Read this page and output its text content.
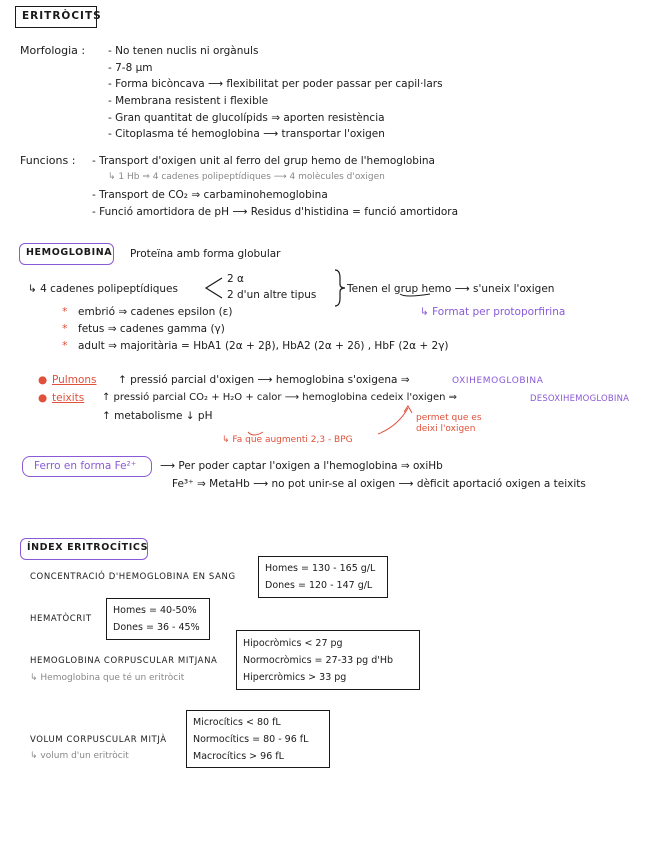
ERITRÒCITS
Morfologia : - No tenen nuclis ni orgànuls
- 7-8 μm
- Forma bicòncava ⟶ flexibilitat per poder passar per capil·lars
- Membrana resistent i flexible
- Gran quantitat de glucolípids ⇒ aporten resistència
- Citoplasma té hemoglobina ⟶ transportar l'oxigen
Funcions : - Transport d'oxigen unit al ferro del grup hemo de l'hemoglobina
↳ 1 Hb ⇒ 4 cadenes polipeptídiques ⟶ 4 molècules d'oxigen
- Transport de CO₂ ⇒ carbaminohemoglobina
- Funció amortidora de pH ⟶ Residus d'histidina = funció amortidora
HEMOGLOBINA Proteïna amb forma globular
↳ 4 cadenes polipeptídiques
2 α
2 d'un altre tipus	Tenen el grup hemo ⟶ s'uneix l'oxigen
↳ Format per protoporfirina
* embrió ⇒ cadenes epsilon (ε)
* fetus ⇒ cadenes gamma (γ)
* adult ⇒ majoritària = HbA1 (2α + 2β), HbA2 (2α + 2δ) , HbF (2α + 2γ)
● Pulmons ↑ pressió parcial d'oxigen ⟶ hemoglobina s'oxigena ⇒	OXIHEMOGLOBINA
● teixits ↑ pressió parcial CO₂ + H₂O + calor ⟶ hemoglobina cedeix l'oxigen ⇒	DESOXIHEMOGLOBINA
↑ metabolisme ↓ pH
↳ Fa que augmenti 2,3 - BPG
permet que es
deixi l'oxigen
Ferro en forma Fe²⁺ ⟶ Per poder captar l'oxigen a l'hemoglobina ⇒ oxiHb
Fe³⁺ ⇒ MetaHb ⟶ no pot unir-se al oxigen ⟶ dèficit aportació oxigen a teixits
ÍNDEX ERITROCÍTICS
CONCENTRACIÓ D'HEMOGLOBINA EN SANG
Homes = 130 - 165 g/L
Dones = 120 - 147 g/L
HEMATÒCRIT
Homes = 40-50%
Dones = 36 - 45%
HEMOGLOBINA CORPUSCULAR MITJANA
↳ Hemoglobina que té un eritròcit
Hipocròmics < 27 pg
Normocròmics = 27-33 pg d'Hb
Hipercròmics > 33 pg
VOLUM CORPUSCULAR MITJÀ
↳ volum d'un eritròcit
Microcítics < 80 fL
Normocítics = 80 - 96 fL
Macrocítics > 96 fL
